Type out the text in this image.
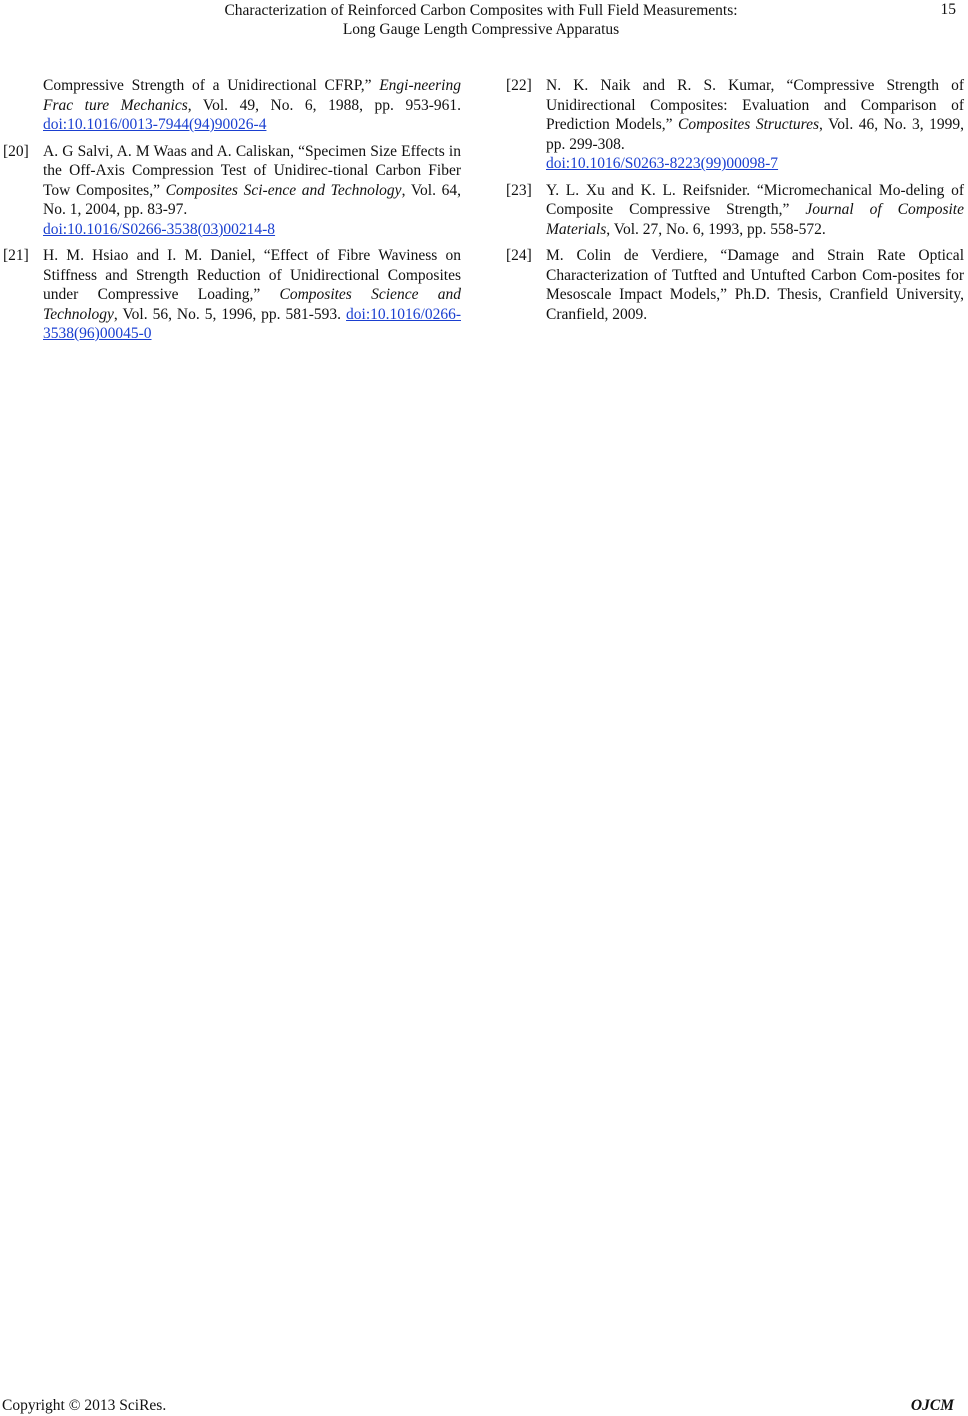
Characterization of Reinforced Carbon Composites with Full Field Measurements:
Long Gauge Length Compressive Apparatus
15
Compressive Strength of a Unidirectional CFRP,” Engi-neering Frac ture Mechanics, Vol. 49, No. 6, 1988, pp. 953-961. doi:10.1016/0013-7944(94)90026-4
[20] A. G Salvi, A. M Waas and A. Caliskan, “Specimen Size Effects in the Off-Axis Compression Test of Unidirec-tional Carbon Fiber Tow Composites,” Composites Sci-ence and Technology, Vol. 64, No. 1, 2004, pp. 83-97.
doi:10.1016/S0266-3538(03)00214-8
[21] H. M. Hsiao and I. M. Daniel, “Effect of Fibre Waviness on Stiffness and Strength Reduction of Unidirectional Composites under Compressive Loading,” Composites Science and Technology, Vol. 56, No. 5, 1996, pp. 581-593. doi:10.1016/0266-3538(96)00045-0
[22] N. K. Naik and R. S. Kumar, “Compressive Strength of Unidirectional Composites: Evaluation and Comparison of Prediction Models,” Composites Structures, Vol. 46, No. 3, 1999, pp. 299-308.
doi:10.1016/S0263-8223(99)00098-7
[23] Y. L. Xu and K. L. Reifsnider. “Micromechanical Mo-deling of Composite Compressive Strength,” Journal of Composite Materials, Vol. 27, No. 6, 1993, pp. 558-572.
[24] M. Colin de Verdiere, “Damage and Strain Rate Optical Characterization of Tutfted and Untufted Carbon Com-posites for Mesoscale Impact Models,” Ph.D. Thesis, Cranfield University, Cranfield, 2009.
Copyright © 2013 SciRes.	OJCM
